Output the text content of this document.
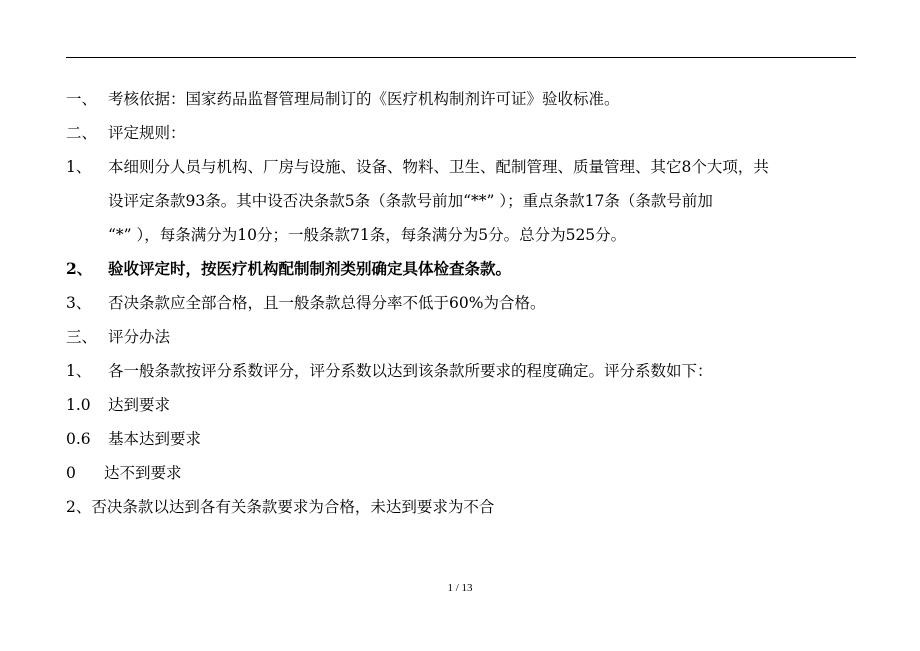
一、 考核依据：国家药品监督管理局制订的《医疗机构制剂许可证》验收标准。
二、 评定规则：
1、 本细则分人员与机构、厂房与设施、设备、物料、卫生、配制管理、质量管理、其它8个大项，共
设评定条款93条。其中设否决条款5条（条款号前加“**” ）；重点条款17条（条款号前加
“*” ），每条满分为10分；一般条款71条，每条满分为5分。总分为525分。
2、 验收评定时，按医疗机构配制制剂类别确定具体检查条款。
3、 否决条款应全部合格，且一般条款总得分率不低于60%为合格。
三、 评分办法
1、 各一般条款按评分系数评分，评分系数以达到该条款所要求的程度确定。评分系数如下：
1.0 达到要求
0.6 基本达到要求
0 达不到要求
2、否决条款以达到各有关条款要求为合格，未达到要求为不合
1 / 13
